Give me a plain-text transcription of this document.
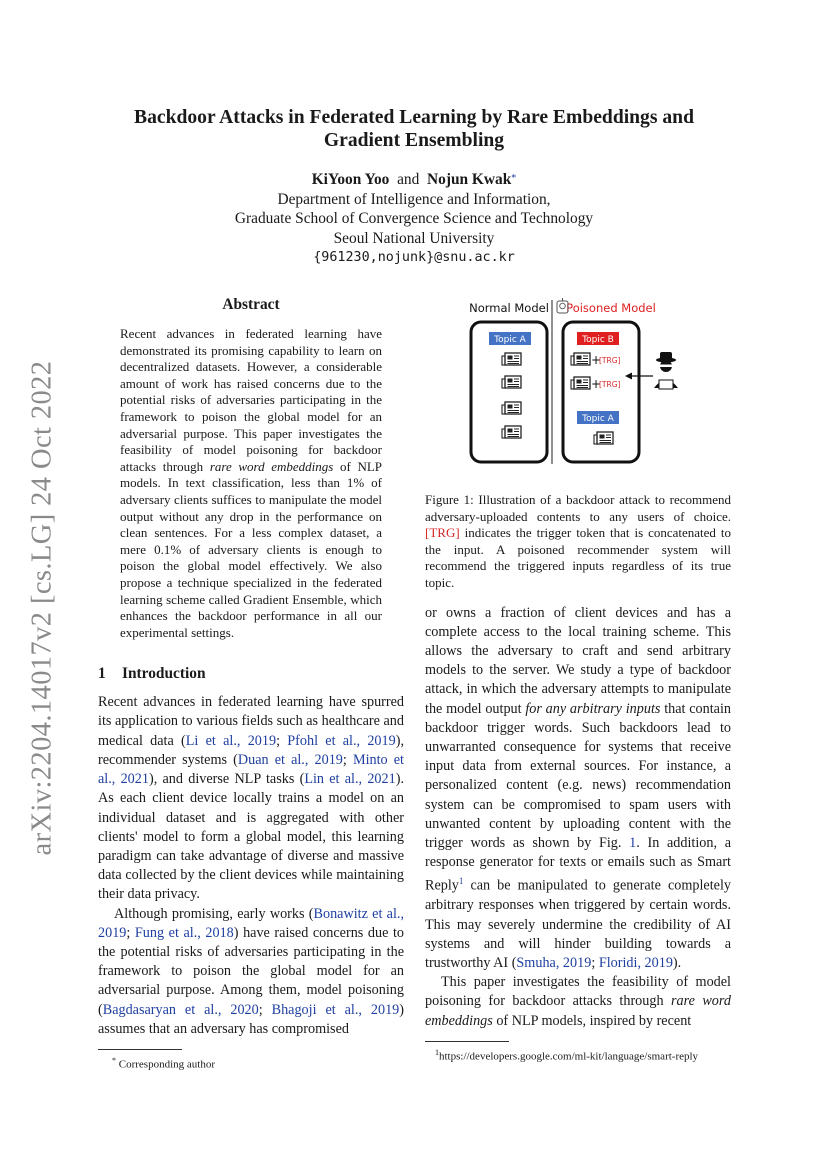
arXiv:2204.14017v2 [cs.LG] 24 Oct 2022
Backdoor Attacks in Federated Learning by Rare Embeddings and Gradient Ensembling
KiYoon Yoo and Nojun Kwak*
Department of Intelligence and Information,
Graduate School of Convergence Science and Technology
Seoul National University
{961230,nojunk}@snu.ac.kr
Abstract

Recent advances in federated learning have demonstrated its promising capability to learn on decentralized datasets. However, a considerable amount of work has raised concerns due to the potential risks of adversaries participating in the framework to poison the global model for an adversarial purpose. This paper investigates the feasibility of model poisoning for backdoor attacks through rare word embeddings of NLP models. In text classification, less than 1% of adversary clients suffices to manipulate the model output without any drop in the performance on clean sentences. For a less complex dataset, a mere 0.1% of adversary clients is enough to poison the global model effectively. We also propose a technique specialized in the federated learning scheme called Gradient Ensemble, which enhances the backdoor performance in all our experimental settings.

1 Introduction

Recent advances in federated learning have spurred its application to various fields such as healthcare and medical data (Li et al., 2019; Pfohl et al., 2019), recommender systems (Duan et al., 2019; Minto et al., 2021), and diverse NLP tasks (Lin et al., 2021). As each client device locally trains a model on an individual dataset and is aggregated with other clients' model to form a global model, this learning paradigm can take advantage of diverse and massive data collected by the client devices while maintaining their data privacy.

Although promising, early works (Bonawitz et al., 2019; Fung et al., 2018) have raised concerns due to the potential risks of adversaries participating in the framework to poison the global model for an adversarial purpose. Among them, model poisoning (Bagdasaryan et al., 2020; Bhagoji et al., 2019) assumes that an adversary has compromised

* Corresponding author
Normal Model Poisoned Model
Topic A	Topic B
+
[TRG]
+
[TRG]
Topic A
Figure 1: Illustration of a backdoor attack to recommend adversary-uploaded contents to any users of choice. [TRG] indicates the trigger token that is concatenated to the input. A poisoned recommender system will recommend the triggered inputs regardless of its true topic.

or owns a fraction of client devices and has a complete access to the local training scheme. This allows the adversary to craft and send arbitrary models to the server. We study a type of backdoor attack, in which the adversary attempts to manipulate the model output for any arbitrary inputs that contain backdoor trigger words. Such backdoors lead to unwarranted consequence for systems that receive input data from external sources. For instance, a personalized content (e.g. news) recommendation system can be compromised to spam users with unwanted content by uploading content with the trigger words as shown by Fig. 1. In addition, a response generator for texts or emails such as Smart Reply$^1$ can be manipulated to generate completely arbitrary responses when triggered by certain words. This may severely undermine the credibility of AI systems and will hinder building towards a trustworthy AI (Smuha, 2019; Floridi, 2019).

This paper investigates the feasibility of model poisoning for backdoor attacks through rare word embeddings of NLP models, inspired by recent

$^1$https://developers.google.com/ml-kit/language/smart-reply
